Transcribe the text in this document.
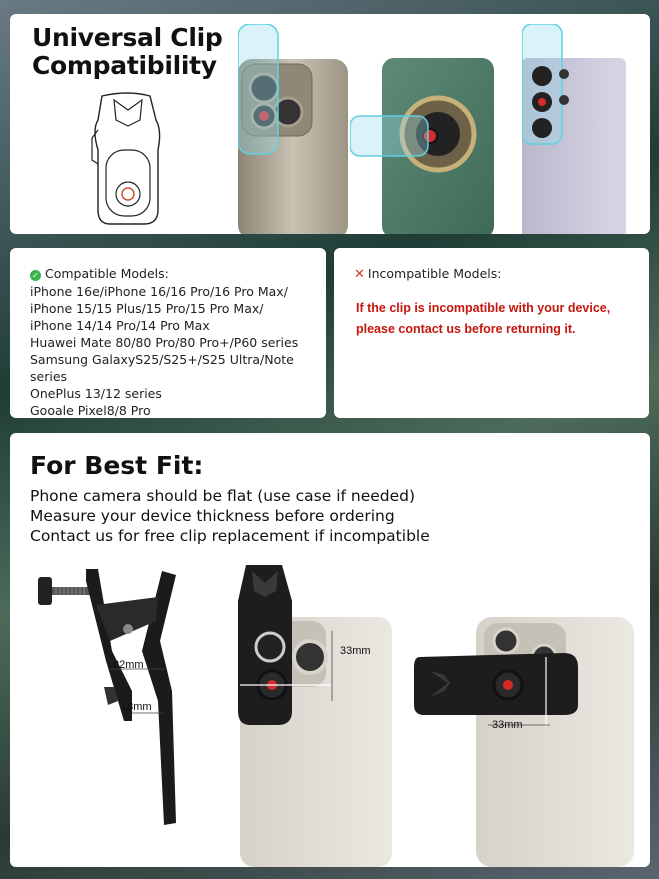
Universal Clip
Compatibility
✓ Compatible Models:
iPhone 16e/iPhone 16/16 Pro/16 Pro Max/
iPhone 15/15 Plus/15 Pro/15 Pro Max/
iPhone 14/14 Pro/14 Pro Max
Huawei Mate 80/80 Pro/80 Pro+/P60 series
Samsung GalaxyS25/S25+/S25 Ultra/Note series
OnePlus 13/12 series
Gooale Pixel8/8 Pro
✕ Incompatible Models:
If the clip is incompatible with your device, please contact us before returning it.
For Best Fit:
Phone camera should be flat (use case if needed)
Measure your device thickness before ordering
Contact us for free clip replacement if incompatible
22mm
18mm
33mm
33mm
